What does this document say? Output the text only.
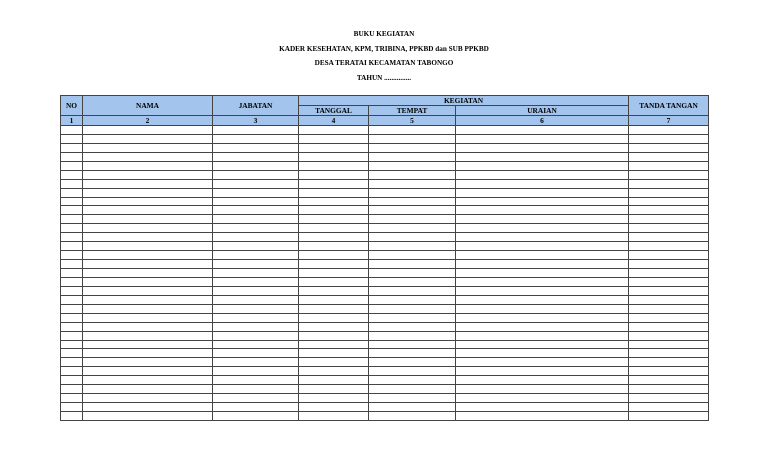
BUKU KEGIATAN
KADER KESEHATAN, KPM, TRIBINA, PPKBD dan SUB PPKBD
DESA TERATAI KECAMATAN TABONGO
TAHUN ...............
NO	NAMA	JABATAN	KEGIATAN			TANDA TANGAN
			TANGGAL	TEMPAT	URAIAN	
1	2	3	4	5	6	7
